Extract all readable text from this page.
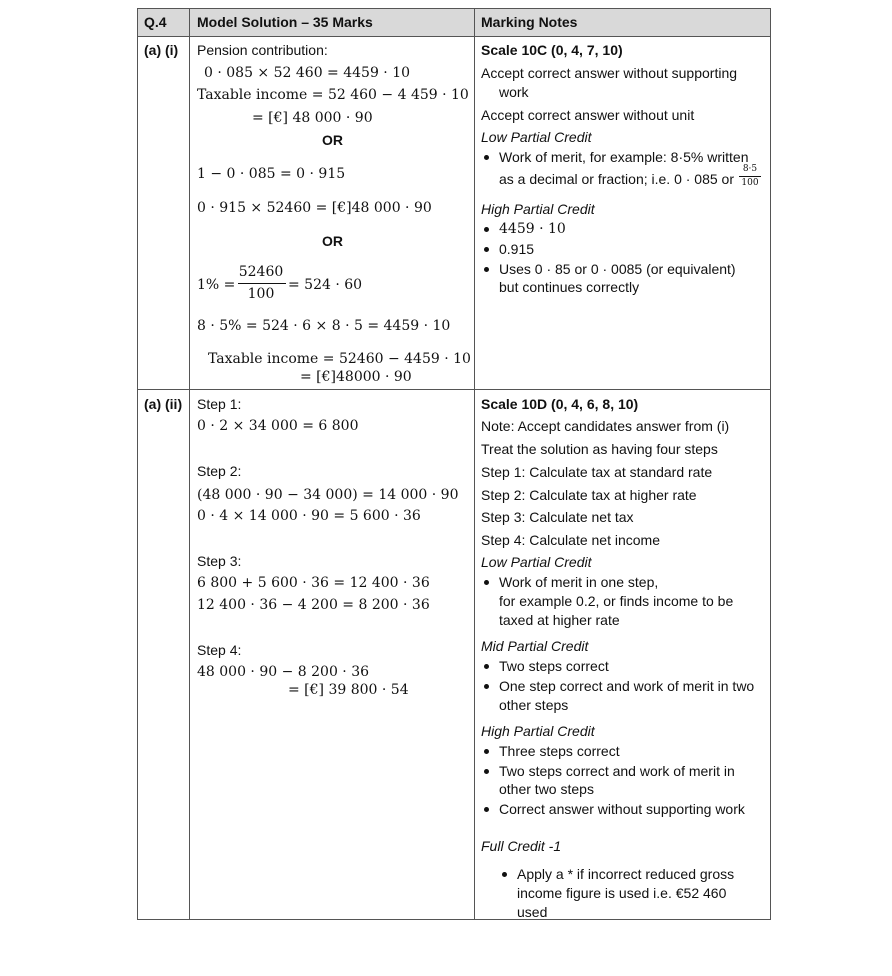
Q.4 Model Solution – 35 Marks	Marking Notes
(a) (i) Pension contribution:
0 · 085 × 52 460 = 4459 · 10
Taxable income = 52 460 − 4 459 · 10
= [€] 48 000 · 90
OR
1 − 0 · 085 = 0 · 915
0 · 915 × 52460 = [€]48 000 · 90
OR
1% =
52460
100
= 524 · 60
8 · 5% = 524 · 6 × 8 · 5 = 4459 · 10
Taxable income = 52460 − 4459 · 10
= [€]48000 · 90
Scale 10C (0, 4, 7, 10)
Accept correct answer without supporting
work
Accept correct answer without unit
Low Partial Credit
Work of merit, for example: 8·5% written
as a decimal or fraction; i.e. 0 · 085 or
8·5
100
High Partial Credit
4459 · 10
0.915
Uses 0 · 85 or 0 · 0085 (or equivalent)
but continues correctly
(a) (ii) Step 1:
0 · 2 × 34 000 = 6 800
Step 2:
(48 000 · 90 − 34 000) = 14 000 · 90
0 · 4 × 14 000 · 90 = 5 600 · 36
Step 3:
6 800 + 5 600 · 36 = 12 400 · 36
12 400 · 36 − 4 200 = 8 200 · 36
Step 4:
48 000 · 90 − 8 200 · 36
= [€] 39 800 · 54
Scale 10D (0, 4, 6, 8, 10)
Note: Accept candidates answer from (i)
Treat the solution as having four steps
Step 1: Calculate tax at standard rate
Step 2: Calculate tax at higher rate
Step 3: Calculate net tax
Step 4: Calculate net income
Low Partial Credit
Work of merit in one step,
for example 0.2, or finds income to be
taxed at higher rate
Mid Partial Credit
Two steps correct
One step correct and work of merit in two
other steps
High Partial Credit
Three steps correct
Two steps correct and work of merit in
other two steps
Correct answer without supporting work
Full Credit -1
Apply a * if incorrect reduced gross
income figure is used i.e. €52 460
used
